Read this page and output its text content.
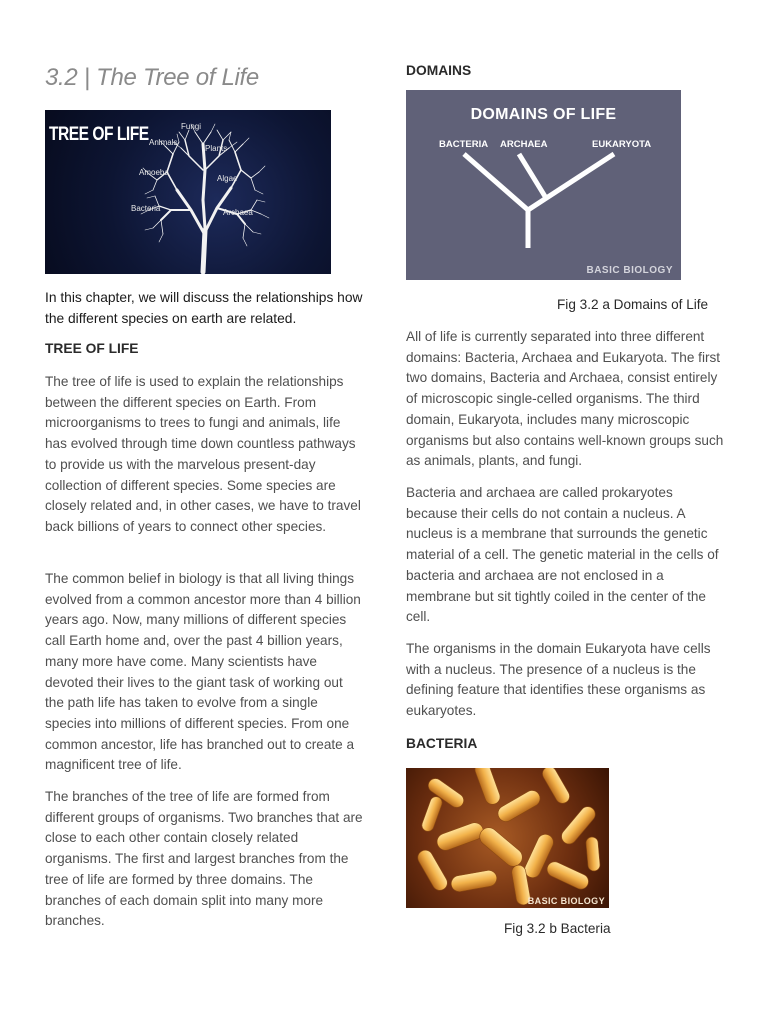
3.2 | The Tree of Life
TREE OF LIFE	Fungi
Animals
Plants
Amoeba
Algae
Bacteria	Archaea

In this chapter, we will discuss the relationships how the different species on earth are related.

TREE OF LIFE

The tree of life is used to explain the relationships between the different species on Earth. From microorganisms to trees to fungi and animals, life has evolved through time down countless pathways to provide us with the marvelous present-day collection of different species. Some species are closely related and, in other cases, we have to travel back billions of years to connect other species.

The common belief in biology is that all living things evolved from a common ancestor more than 4 billion years ago. Now, many millions of different species call Earth home and, over the past 4 billion years, many more have come. Many scientists have devoted their lives to the giant task of working out the path life has taken to evolve from a single species into millions of different species. From one common ancestor, life has branched out to create a magnificent tree of life.

The branches of the tree of life are formed from different groups of organisms. Two branches that are close to each other contain closely related organisms. The first and largest branches from the tree of life are formed by three domains. The branches of each domain split into many more branches.

DOMAINS
DOMAINS OF LIFE
BACTERIA ARCHAEA	EUKARYOTA
BASIC BIOLOGY
Fig 3.2 a Domains of Life

All of life is currently separated into three different domains: Bacteria, Archaea and Eukaryota. The first two domains, Bacteria and Archaea, consist entirely of microscopic single-celled organisms. The third domain, Eukaryota, includes many microscopic organisms but also contains well-known groups such as animals, plants, and fungi.

Bacteria and archaea are called prokaryotes because their cells do not contain a nucleus. A nucleus is a membrane that surrounds the genetic material of a cell. The genetic material in the cells of bacteria and archaea are not enclosed in a membrane but sit tightly coiled in the center of the cell.

The organisms in the domain Eukaryota have cells with a nucleus. The presence of a nucleus is the defining feature that identifies these organisms as eukaryotes.

BACTERIA
BASIC BIOLOGY
Fig 3.2 b Bacteria
